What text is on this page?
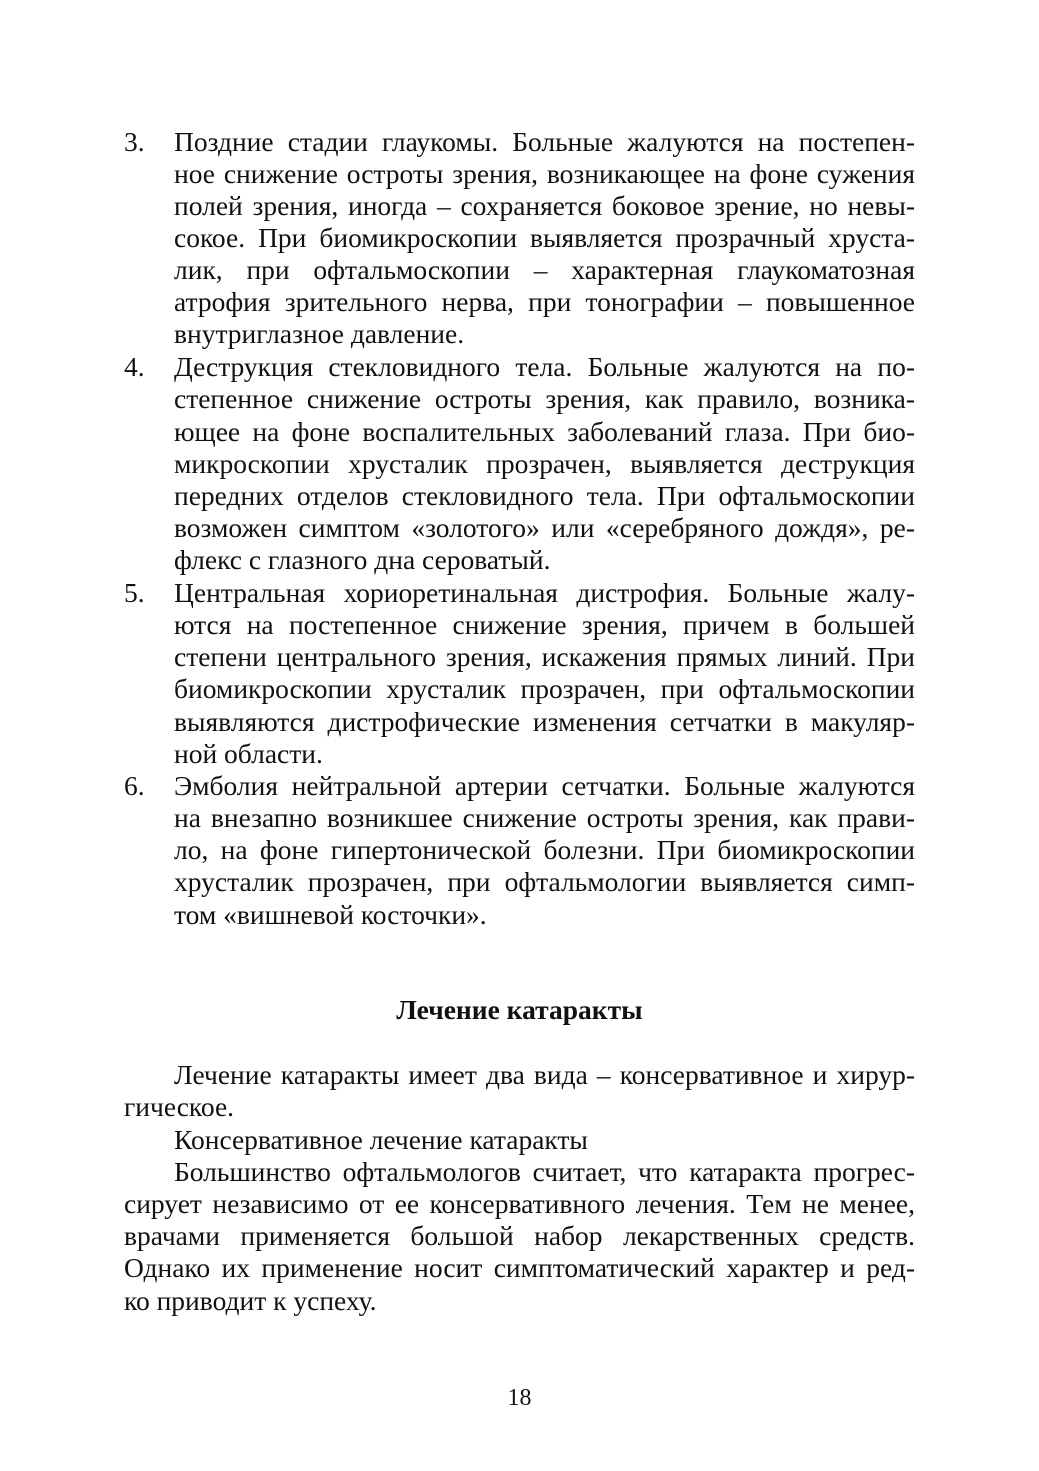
3. Поздние стадии глаукомы. Больные жалуются на постепен-
ное снижение остроты зрения, возникающее на фоне сужения
полей зрения, иногда – сохраняется боковое зрение, но невы-
сокое. При биомикроскопии выявляется прозрачный хруста-
лик, при офтальмоскопии – характерная глаукоматозная
атрофия зрительного нерва, при тонографии – повышенное
внутриглазное давление.
4. Деструкция стекловидного тела. Больные жалуются на по-
степенное снижение остроты зрения, как правило, возника-
ющее на фоне воспалительных заболеваний глаза. При био-
микроскопии хрусталик прозрачен, выявляется деструкция
передних отделов стекловидного тела. При офтальмоскопии
возможен симптом «золотого» или «серебряного дождя», ре-
флекс с глазного дна сероватый.
5. Центральная хориоретинальная дистрофия. Больные жалу-
ются на постепенное снижение зрения, причем в большей
степени центрального зрения, искажения прямых линий. При
биомикроскопии хрусталик прозрачен, при офтальмоскопии
выявляются дистрофические изменения сетчатки в макуляр-
ной области.
6. Эмболия нейтральной артерии сетчатки. Больные жалуются
на внезапно возникшее снижение остроты зрения, как прави-
ло, на фоне гипертонической болезни. При биомикроскопии
хрусталик прозрачен, при офтальмологии выявляется симп-
том «вишневой косточки».
Лечение катаракты
Лечение катаракты имеет два вида – консервативное и хирур-
гическое.
Консервативное лечение катаракты
Большинство офтальмологов считает, что катаракта прогрес-
сирует независимо от ее консервативного лечения. Тем не менее,
врачами применяется большой набор лекарственных средств.
Однако их применение носит симптоматический характер и ред-
ко приводит к успеху.
18
